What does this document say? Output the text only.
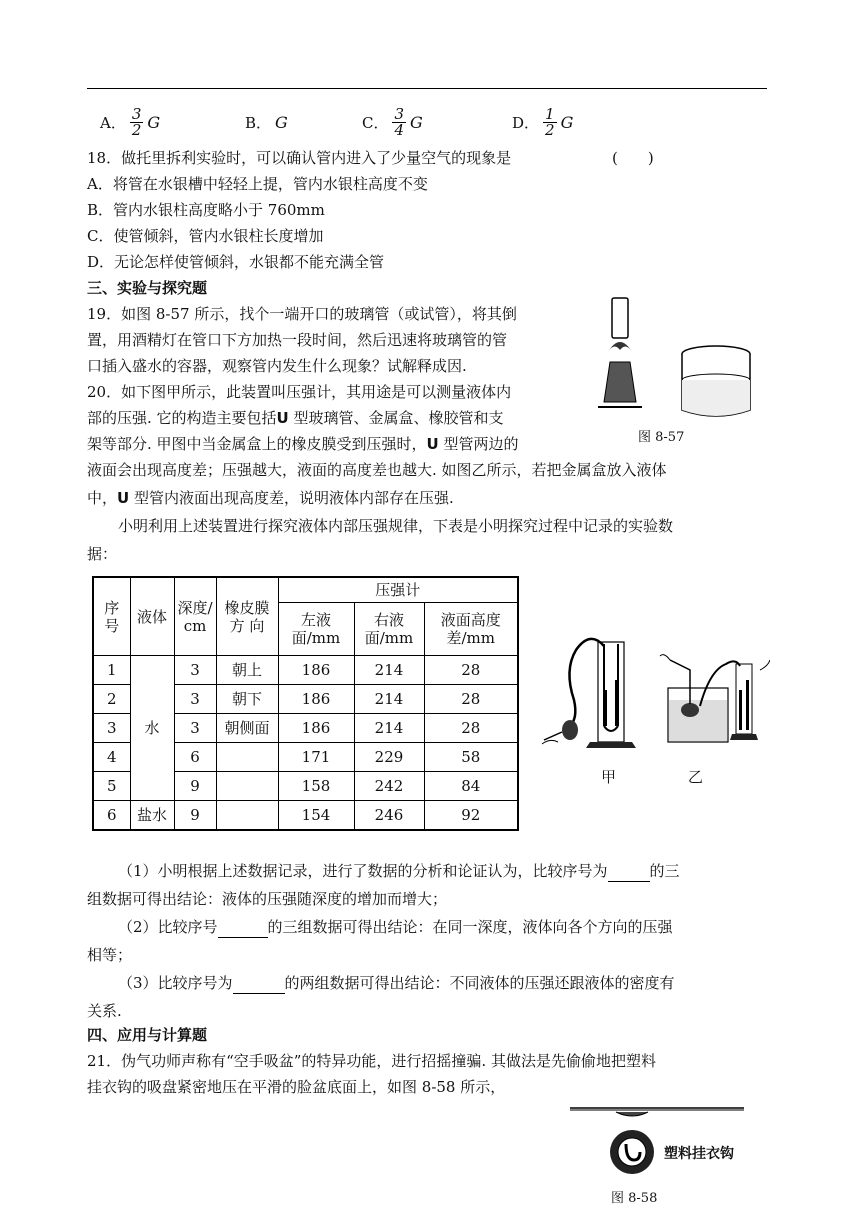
A． $\frac{3}{2}$ G	B． G	C． $\frac{3}{4}$ G	D． $\frac{1}{2}$ G
18．做托里拆利实验时，可以确认管内进入了少量空气的现象是	(　　)
A．将管在水银槽中轻轻上提，管内水银柱高度不变
B．管内水银柱高度略小于 760mm
C．使管倾斜，管内水银柱长度增加
D．无论怎样使管倾斜，水银都不能充满全管
三、实验与探究题
19．如图 8-57 所示，找个一端开口的玻璃管（或试管），将其倒
置，用酒精灯在管口下方加热一段时间，然后迅速将玻璃管的管
口插入盛水的容器，观察管内发生什么现象？试解释成因.
20．如下图甲所示，此装置叫压强计，其用途是可以测量液体内
部的压强. 它的构造主要包括U 型玻璃管、金属盒、橡胶管和支
架等部分. 甲图中当金属盒上的橡皮膜受到压强时，U 型管两边的
液面会出现高度差；压强越大，液面的高度差也越大. 如图乙所示，若把金属盒放入液体
中，U 型管内液面出现高度差，说明液体内部存在压强.
小明利用上述装置进行探究液体内部压强规律，下表是小明探究过程中记录的实验数
据：
图 8-57
序号	液体	深度/cm	橡皮膜方 向	压强计		
				左液面/mm	右液面/mm	液面高度差/mm
1	水	3	朝上	186	214	28
2		3	朝下	186	214	28
3		3	朝侧面	186	214	28
4		6		171	229	58
5		9		158	242	84
6	盐水	9		154	246	92
甲	乙
（1）小明根据上述数据记录，进行了数据的分析和论证认为，比较序号为	的三
组数据可得出结论：液体的压强随深度的增加而增大；
（2）比较序号	的三组数据可得出结论：在同一深度，液体向各个方向的压强
相等；
（3）比较序号为	的两组数据可得出结论：不同液体的压强还跟液体的密度有
关系.
四、应用与计算题
21．伪气功师声称有“空手吸盆”的特异功能，进行招摇撞骗. 其做法是先偷偷地把塑料
挂衣钩的吸盘紧密地压在平滑的脸盆底面上，如图 8-58 所示，
塑料挂衣钩
图 8-58
